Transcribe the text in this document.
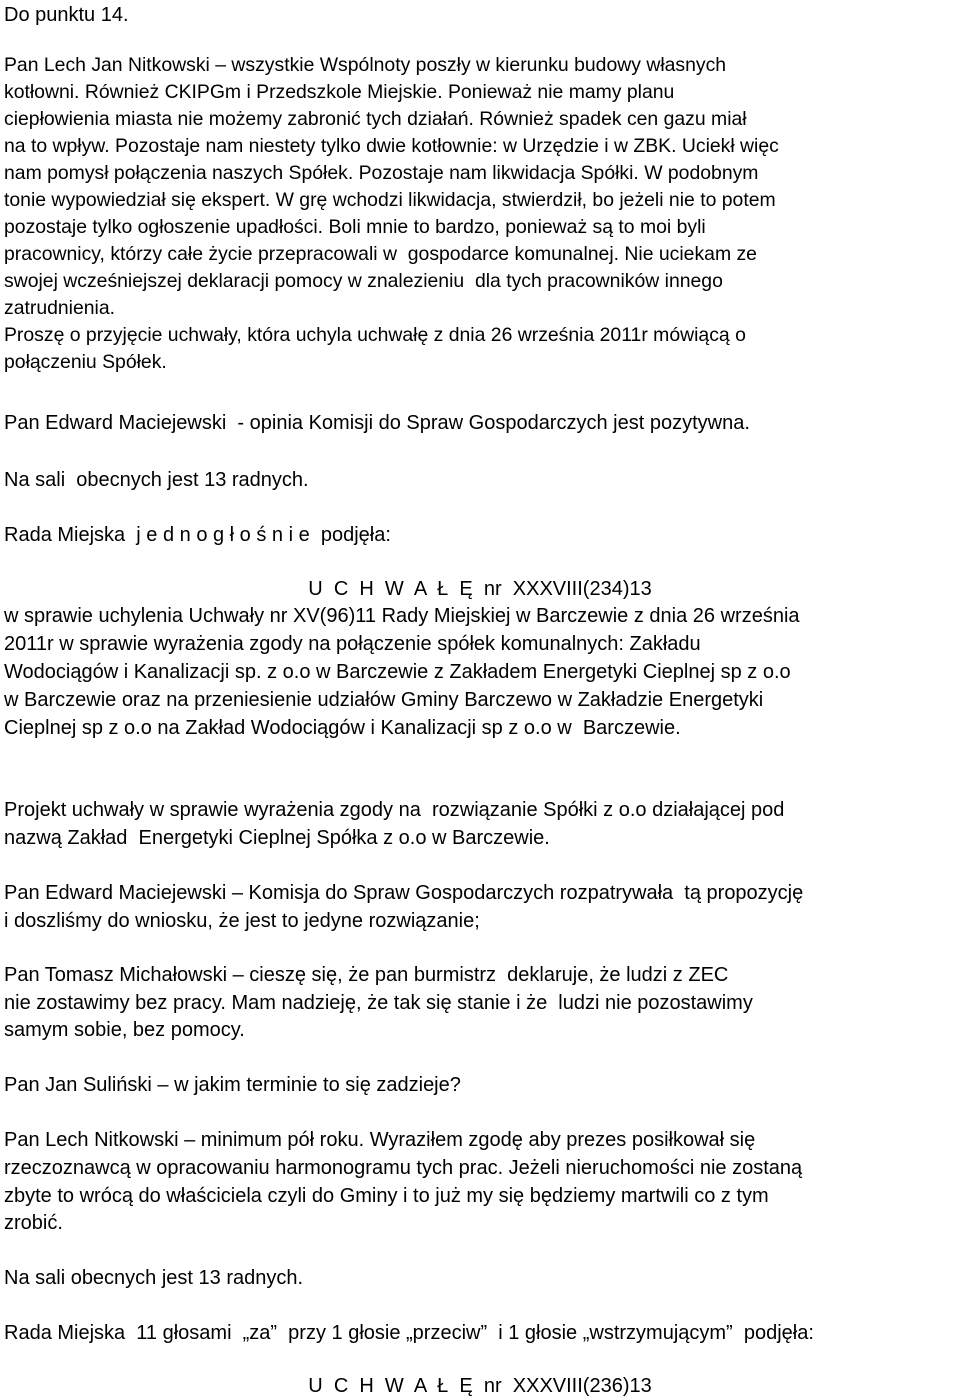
Do punktu 14.
Pan Lech Jan Nitkowski – wszystkie Wspólnoty poszły w kierunku budowy własnych
kotłowni. Również CKIPGm i Przedszkole Miejskie. Ponieważ nie mamy planu
ciepłowienia miasta nie możemy zabronić tych działań. Również spadek cen gazu miał
na to wpływ. Pozostaje nam niestety tylko dwie kotłownie: w Urzędzie i w ZBK. Uciekł więc
nam pomysł połączenia naszych Spółek. Pozostaje nam likwidacja Spółki. W podobnym
tonie wypowiedział się ekspert. W grę wchodzi likwidacja, stwierdził, bo jeżeli nie to potem
pozostaje tylko ogłoszenie upadłości. Boli mnie to bardzo, ponieważ są to moi byli
pracownicy, którzy całe życie przepracowali w  gospodarce komunalnej. Nie uciekam ze
swojej wcześniejszej deklaracji pomocy w znalezieniu  dla tych pracowników innego
zatrudnienia.
Proszę o przyjęcie uchwały, która uchyla uchwałę z dnia 26 września 2011r mówiącą o
połączeniu Spółek.
Pan Edward Maciejewski  - opinia Komisji do Spraw Gospodarczych jest pozytywna.
Na sali  obecnych jest 13 radnych.
Rada Miejska  j e d n o g ł o ś n i e  podjęła:
U  C  H  W  A  Ł  Ę  nr  XXXVIII(234)13
w sprawie uchylenia Uchwały nr XV(96)11 Rady Miejskiej w Barczewie z dnia 26 września
2011r w sprawie wyrażenia zgody na połączenie spółek komunalnych: Zakładu
Wodociągów i Kanalizacji sp. z o.o w Barczewie z Zakładem Energetyki Cieplnej sp z o.o
w Barczewie oraz na przeniesienie udziałów Gminy Barczewo w Zakładzie Energetyki
Cieplnej sp z o.o na Zakład Wodociągów i Kanalizacji sp z o.o w  Barczewie.
Projekt uchwały w sprawie wyrażenia zgody na  rozwiązanie Spółki z o.o działającej pod
nazwą Zakład  Energetyki Cieplnej Spółka z o.o w Barczewie.
Pan Edward Maciejewski – Komisja do Spraw Gospodarczych rozpatrywała  tą propozycję
i doszliśmy do wniosku, że jest to jedyne rozwiązanie;
Pan Tomasz Michałowski – cieszę się, że pan burmistrz  deklaruje, że ludzi z ZEC
nie zostawimy bez pracy. Mam nadzieję, że tak się stanie i że  ludzi nie pozostawimy
samym sobie, bez pomocy.
Pan Jan Suliński – w jakim terminie to się zadzieje?
Pan Lech Nitkowski – minimum pół roku. Wyraziłem zgodę aby prezes posiłkował się
rzeczoznawcą w opracowaniu harmonogramu tych prac. Jeżeli nieruchomości nie zostaną
zbyte to wrócą do właściciela czyli do Gminy i to już my się będziemy martwili co z tym
zrobić.
Na sali obecnych jest 13 radnych.
Rada Miejska  11 głosami  „za”  przy 1 głosie „przeciw”  i 1 głosie „wstrzymującym”  podjęła:
U  C  H  W  A  Ł  Ę  nr  XXXVIII(236)13
